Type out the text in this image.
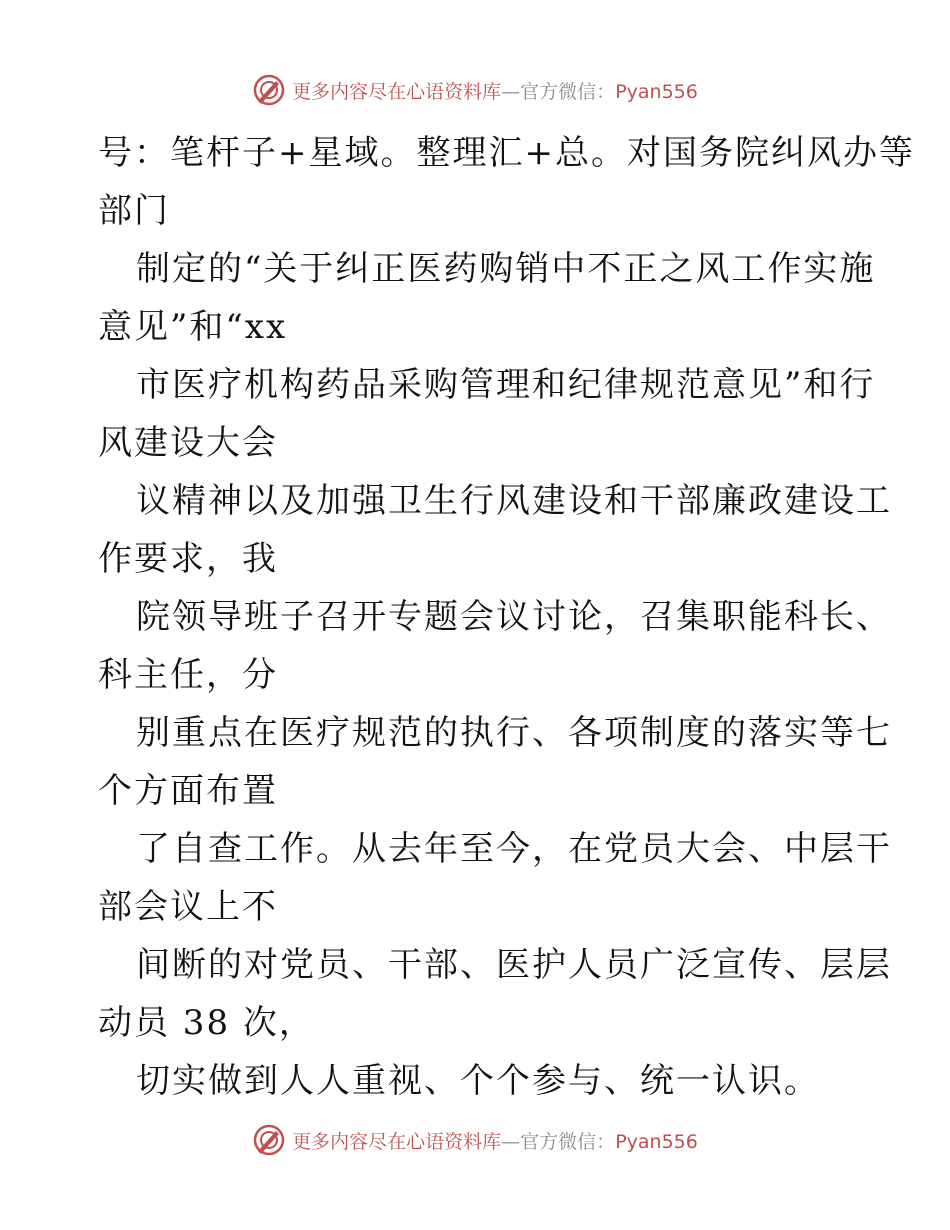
更多内容尽在心语资料库—官方微信：Pyan556
号：笔杆子+星域。整理汇+总。对国务院纠风办等
部门
制定的“关于纠正医药购销中不正之风工作实施
意见”和“xx
市医疗机构药品采购管理和纪律规范意见”和行
风建设大会
议精神以及加强卫生行风建设和干部廉政建设工
作要求，我
院领导班子召开专题会议讨论，召集职能科长、
科主任，分
别重点在医疗规范的执行、各项制度的落实等七
个方面布置
了自查工作。从去年至今，在党员大会、中层干
部会议上不
间断的对党员、干部、医护人员广泛宣传、层层
动员 38 次，
切实做到人人重视、个个参与、统一认识。
更多内容尽在心语资料库—官方微信：Pyan556
